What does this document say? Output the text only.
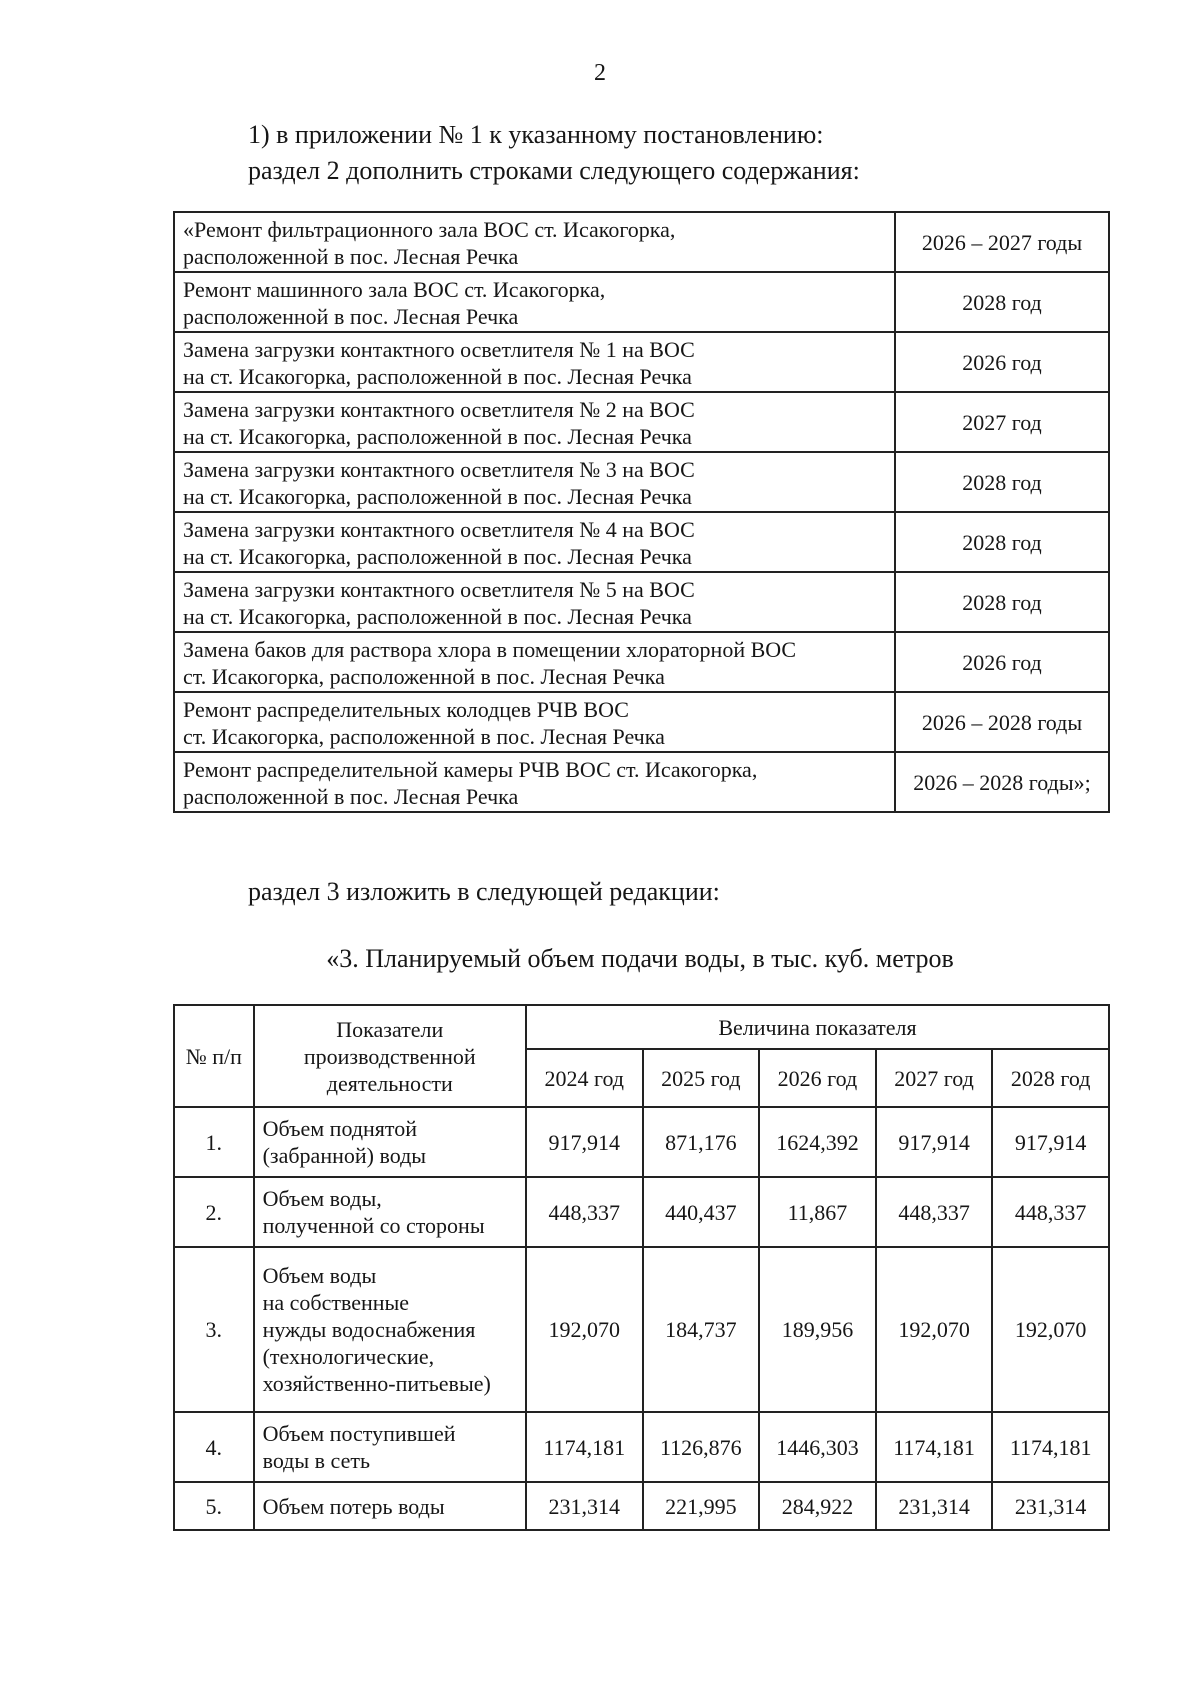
2
1) в приложении № 1 к указанному постановлению:
раздел 2 дополнить строками следующего содержания:
«Ремонт фильтрационного зала ВОС ст. Исакогорка,
расположенной в пос. Лесная Речка	2026 – 2027 годы

Ремонт машинного зала ВОС ст. Исакогорка,
расположенной в пос. Лесная Речка	2028 год

Замена загрузки контактного осветлителя № 1 на ВОС
на ст. Исакогорка, расположенной в пос. Лесная Речка	2026 год

Замена загрузки контактного осветлителя № 2 на ВОС
на ст. Исакогорка, расположенной в пос. Лесная Речка	2027 год

Замена загрузки контактного осветлителя № 3 на ВОС
на ст. Исакогорка, расположенной в пос. Лесная Речка	2028 год

Замена загрузки контактного осветлителя № 4 на ВОС
на ст. Исакогорка, расположенной в пос. Лесная Речка	2028 год

Замена загрузки контактного осветлителя № 5 на ВОС
на ст. Исакогорка, расположенной в пос. Лесная Речка	2028 год

Замена баков для раствора хлора в помещении хлораторной ВОС
ст. Исакогорка, расположенной в пос. Лесная Речка	2026 год

Ремонт распределительных колодцев РЧВ ВОС
ст. Исакогорка, расположенной в пос. Лесная Речка	2026 – 2028 годы

Ремонт распределительной камеры РЧВ ВОС ст. Исакогорка,
расположенной в пос. Лесная Речка	2026 – 2028 годы»;
раздел 3 изложить в следующей редакции:
«3. Планируемый объем подачи воды, в тыс. куб. метров
№ п/п	Показатели
производственной
деятельности	Величина показателя				
		2024 год	2025 год	2026 год	2027 год	2028 год
1.	Объем поднятой
(забранной) воды	917,914	871,176	1624,392	917,914	917,914
2.	Объем воды,
полученной со стороны	448,337	440,437	11,867	448,337	448,337
3.	Объем воды
на собственные
нужды водоснабжения
(технологические,
хозяйственно-питьевые)	192,070	184,737	189,956	192,070	192,070
4.	Объем поступившей
воды в сеть	1174,181	1126,876	1446,303	1174,181	1174,181
5.	Объем потерь воды	231,314	221,995	284,922	231,314	231,314
